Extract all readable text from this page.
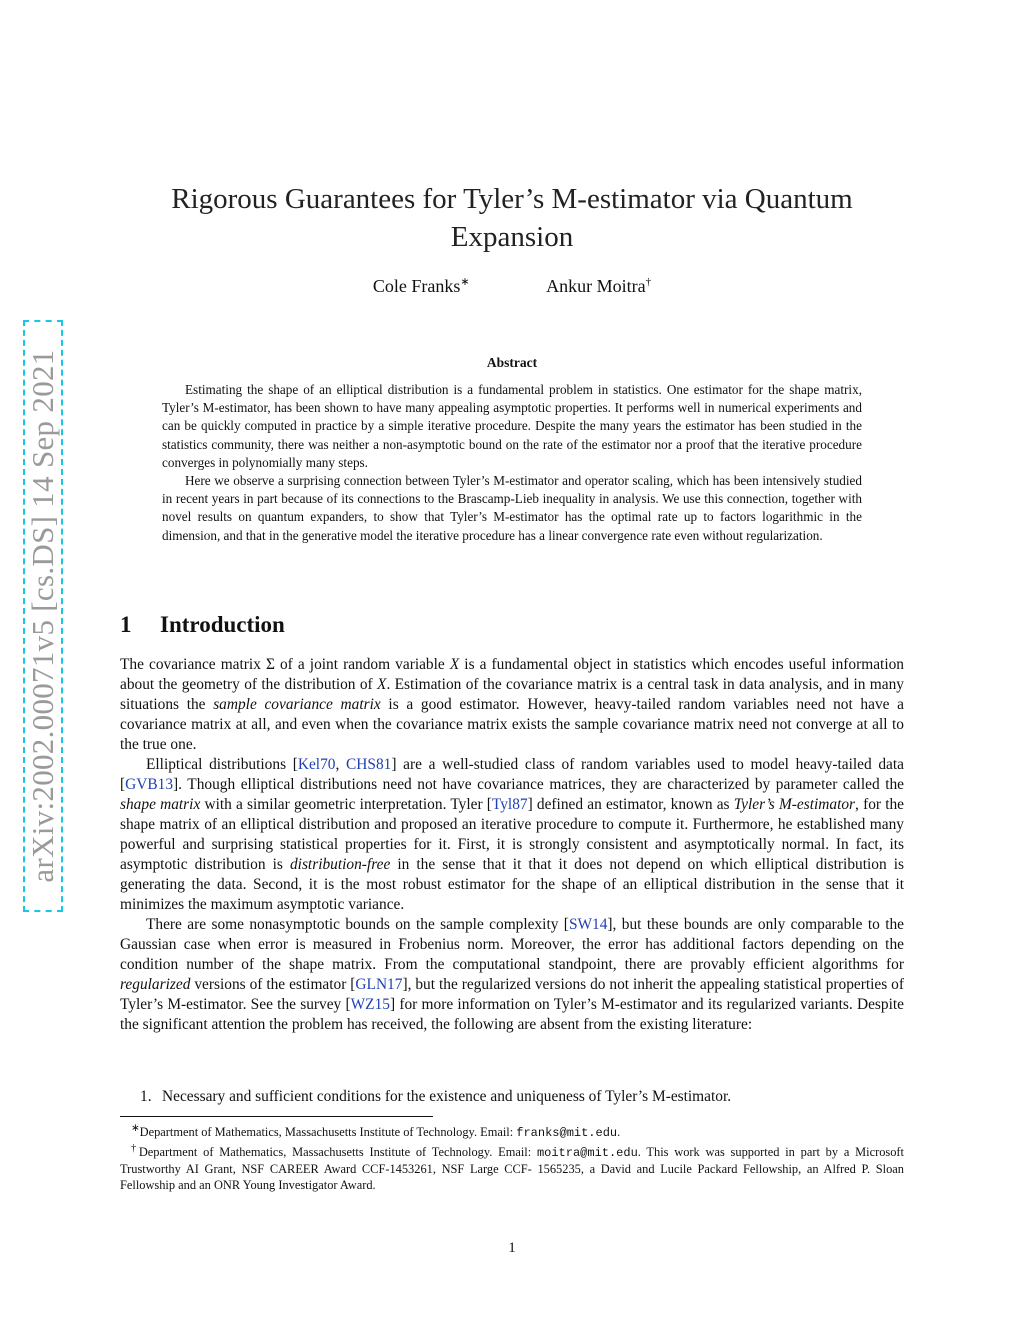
arXiv:2002.00071v5 [cs.DS] 14 Sep 2021
Rigorous Guarantees for Tyler’s M-estimator via Quantum Expansion
Cole Franks∗	Ankur Moitra†
Abstract

Estimating the shape of an elliptical distribution is a fundamental problem in statistics. One estimator for the shape matrix, Tyler’s M-estimator, has been shown to have many appealing asymptotic properties. It performs well in numerical experiments and can be quickly computed in practice by a simple iterative procedure. Despite the many years the estimator has been studied in the statistics community, there was neither a non-asymptotic bound on the rate of the estimator nor a proof that the iterative procedure converges in polynomially many steps.

Here we observe a surprising connection between Tyler’s M-estimator and operator scaling, which has been intensively studied in recent years in part because of its connections to the Brascamp-Lieb inequality in analysis. We use this connection, together with novel results on quantum expanders, to show that Tyler’s M-estimator has the optimal rate up to factors logarithmic in the dimension, and that in the generative model the iterative procedure has a linear convergence rate even without regularization.

1 Introduction

The covariance matrix Σ of a joint random variable X is a fundamental object in statistics which encodes useful information about the geometry of the distribution of X. Estimation of the covariance matrix is a central task in data analysis, and in many situations the sample covariance matrix is a good estimator. However, heavy-tailed random variables need not have a covariance matrix at all, and even when the covariance matrix exists the sample covariance matrix need not converge at all to the true one.

Elliptical distributions [Kel70, CHS81] are a well-studied class of random variables used to model heavy-tailed data [GVB13]. Though elliptical distributions need not have covariance matrices, they are characterized by parameter called the shape matrix with a similar geometric interpretation. Tyler [Tyl87] defined an estimator, known as Tyler’s M-estimator, for the shape matrix of an elliptical distribution and proposed an iterative procedure to compute it. Furthermore, he established many powerful and surprising statistical properties for it. First, it is strongly consistent and asymptotically normal. In fact, its asymptotic distribution is distribution-free in the sense that it that it does not depend on which elliptical distribution is generating the data. Second, it is the most robust estimator for the shape of an elliptical distribution in the sense that it minimizes the maximum asymptotic variance.

There are some nonasymptotic bounds on the sample complexity [SW14], but these bounds are only comparable to the Gaussian case when error is measured in Frobenius norm. Moreover, the error has additional factors depending on the condition number of the shape matrix. From the computational standpoint, there are provably efficient algorithms for regularized versions of the estimator [GLN17], but the regularized versions do not inherit the appealing statistical properties of Tyler’s M-estimator. See the survey [WZ15] for more information on Tyler’s M-estimator and its regularized variants. Despite the significant attention the problem has received, the following are absent from the existing literature:

1. Necessary and sufficient conditions for the existence and uniqueness of Tyler’s M-estimator.

∗Department of Mathematics, Massachusetts Institute of Technology. Email: franks@mit.edu.

†Department of Mathematics, Massachusetts Institute of Technology. Email: moitra@mit.edu. This work was supported in part by a Microsoft Trustworthy AI Grant, NSF CAREER Award CCF-1453261, NSF Large CCF- 1565235, a David and Lucile Packard Fellowship, an Alfred P. Sloan Fellowship and an ONR Young Investigator Award.

1
